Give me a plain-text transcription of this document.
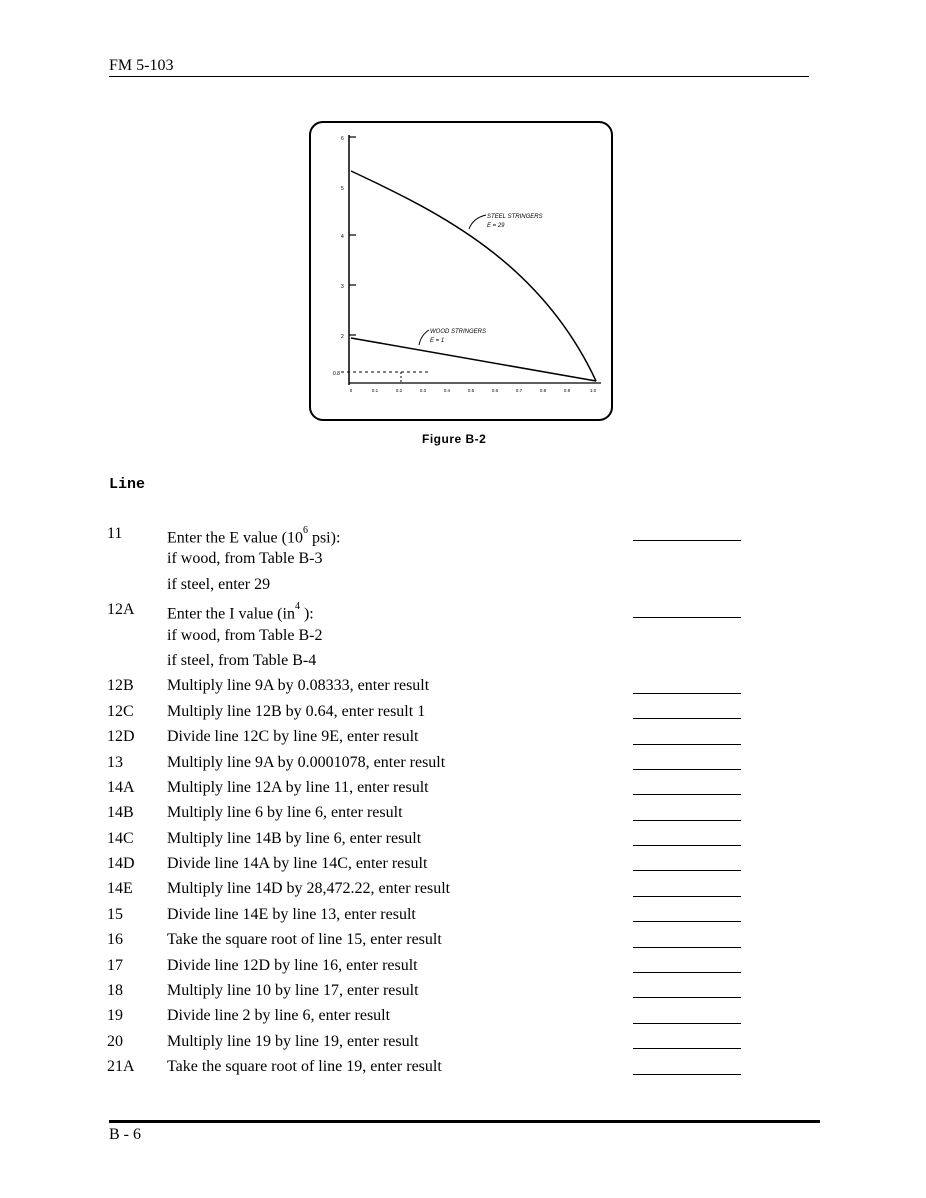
FM 5-103
6
5
4
3
2
0.8
0	0.1	0.2	0.3	0.4	0.5	0.6	0.7	0.8	0.9	1.0
STEEL STRINGERS
E = 29
WOOD STRINGERS
E = 1
Figure B-2
Line
11	Enter the E value ($10^6$ psi):
if wood, from Table B-3
if steel, enter 29
12A Enter the I value ($in^4$ ):
if wood, from Table B-2
if steel, from Table B-4
12B Multiply line 9A by 0.08333, enter result
12C Multiply line 12B by 0.64, enter result 1
12D Divide line 12C by line 9E, enter result
13	Multiply line 9A by 0.0001078, enter result
14A Multiply line 12A by line 11, enter result
14B Multiply line 6 by line 6, enter result
14C Multiply line 14B by line 6, enter result
14D Divide line 14A by line 14C, enter result
14E Multiply line 14D by 28,472.22, enter result
15	Divide line 14E by line 13, enter result
16	Take the square root of line 15, enter result
17	Divide line 12D by line 16, enter result
18	Multiply line 10 by line 17, enter result
19	Divide line 2 by line 6, enter result
20	Multiply line 19 by line 19, enter result
21A Take the square root of line 19, enter result
B - 6
